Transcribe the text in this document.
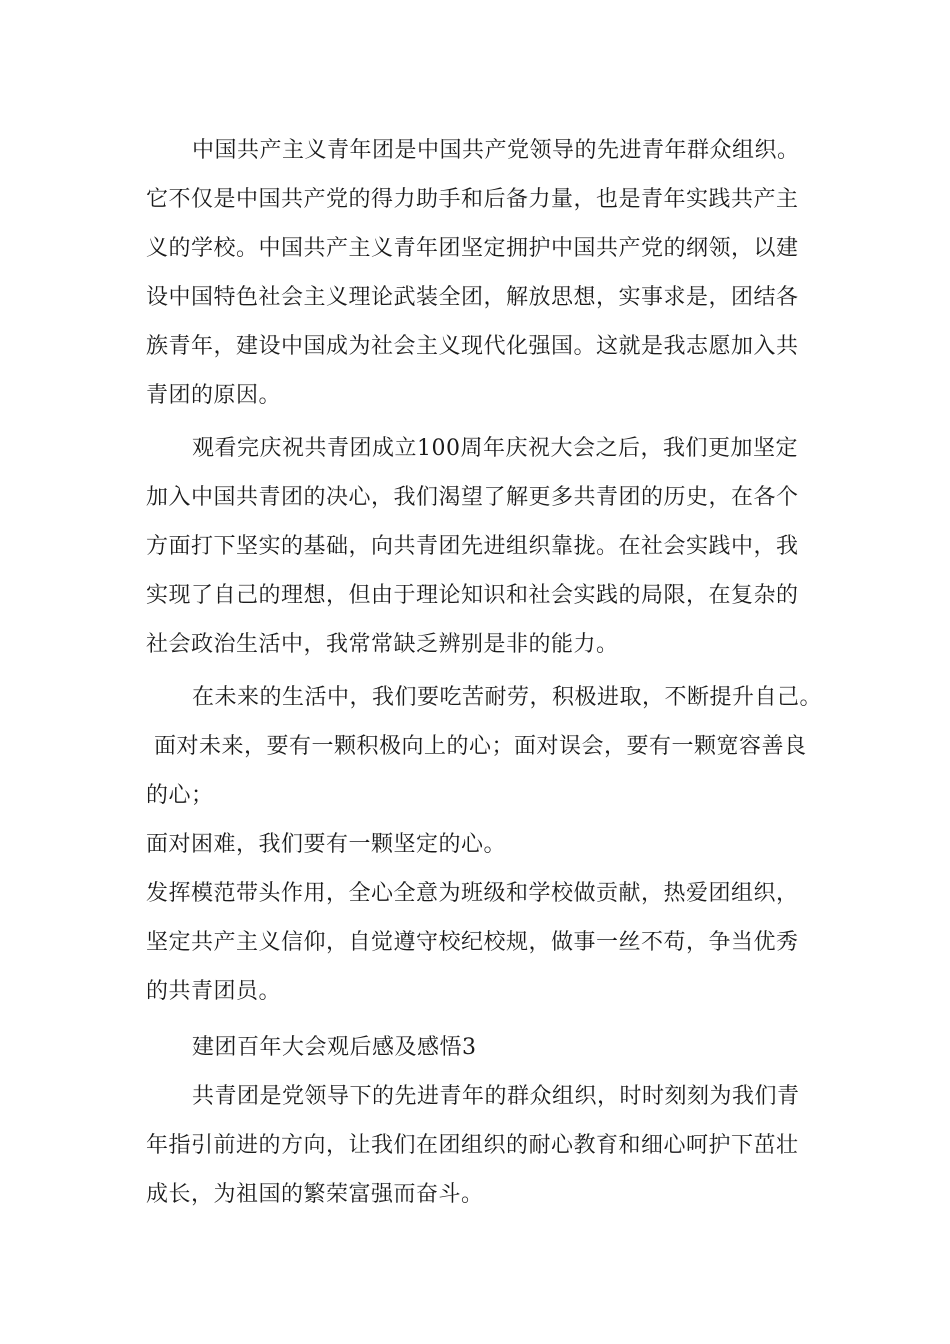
中国共产主义青年团是中国共产党领导的先进青年群众组织。
它不仅是中国共产党的得力助手和后备力量，也是青年实践共产主
义的学校。中国共产主义青年团坚定拥护中国共产党的纲领，以建
设中国特色社会主义理论武装全团，解放思想，实事求是，团结各
族青年，建设中国成为社会主义现代化强国。这就是我志愿加入共
青团的原因。
观看完庆祝共青团成立100周年庆祝大会之后，我们更加坚定
加入中国共青团的决心，我们渴望了解更多共青团的历史，在各个
方面打下坚实的基础，向共青团先进组织靠拢。在社会实践中，我
实现了自己的理想，但由于理论知识和社会实践的局限，在复杂的
社会政治生活中，我常常缺乏辨别是非的能力。
在未来的生活中，我们要吃苦耐劳，积极进取，不断提升自己。
面对未来，要有一颗积极向上的心；面对误会，要有一颗宽容善良
的心；
面对困难，我们要有一颗坚定的心。
发挥模范带头作用，全心全意为班级和学校做贡献，热爱团组织，
坚定共产主义信仰，自觉遵守校纪校规，做事一丝不苟，争当优秀
的共青团员。
建团百年大会观后感及感悟3
共青团是党领导下的先进青年的群众组织，时时刻刻为我们青
年指引前进的方向，让我们在团组织的耐心教育和细心呵护下茁壮
成长，为祖国的繁荣富强而奋斗。
